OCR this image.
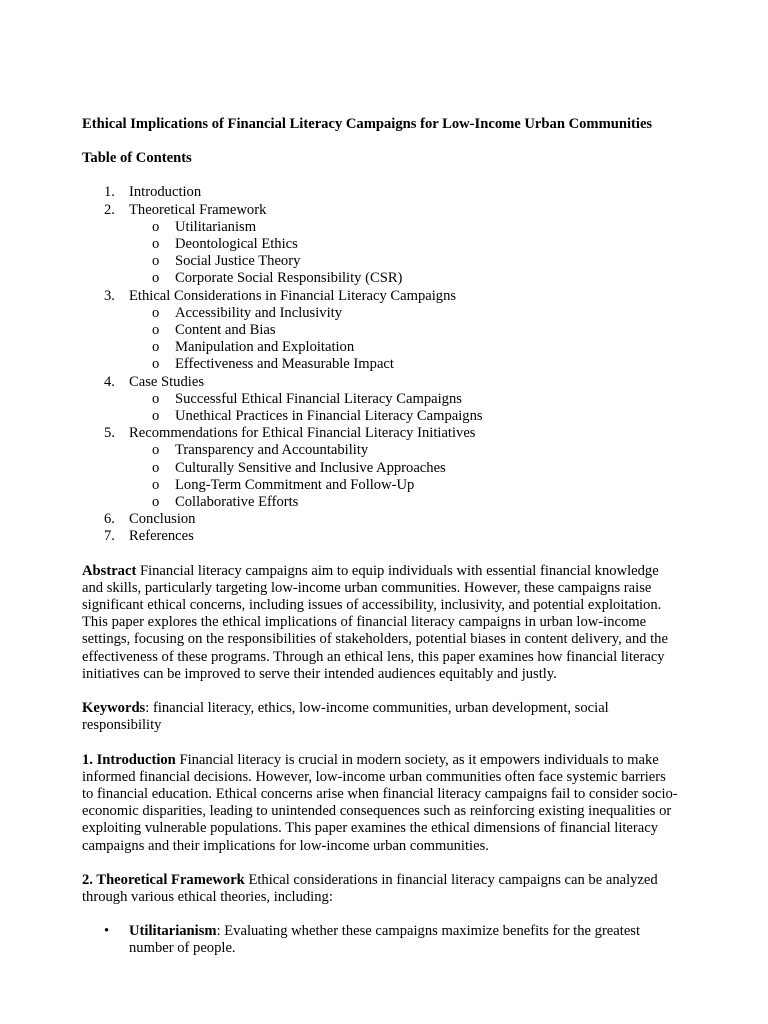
Ethical Implications of Financial Literacy Campaigns for Low-Income Urban Communities

Table of Contents

1. Introduction
2. Theoretical Framework
o Utilitarianism
o Deontological Ethics
o Social Justice Theory
o Corporate Social Responsibility (CSR)
3. Ethical Considerations in Financial Literacy Campaigns
o Accessibility and Inclusivity
o Content and Bias
o Manipulation and Exploitation
o Effectiveness and Measurable Impact
4. Case Studies
o Successful Ethical Financial Literacy Campaigns
o Unethical Practices in Financial Literacy Campaigns
5. Recommendations for Ethical Financial Literacy Initiatives
o Transparency and Accountability
o Culturally Sensitive and Inclusive Approaches
o Long-Term Commitment and Follow-Up
o Collaborative Efforts
6. Conclusion
7. References

Abstract Financial literacy campaigns aim to equip individuals with essential financial knowledge and skills, particularly targeting low-income urban communities. However, these campaigns raise significant ethical concerns, including issues of accessibility, inclusivity, and potential exploitation. This paper explores the ethical implications of financial literacy campaigns in urban low-income settings, focusing on the responsibilities of stakeholders, potential biases in content delivery, and the effectiveness of these programs. Through an ethical lens, this paper examines how financial literacy initiatives can be improved to serve their intended audiences equitably and justly.

Keywords: financial literacy, ethics, low-income communities, urban development, social responsibility

1. Introduction Financial literacy is crucial in modern society, as it empowers individuals to make informed financial decisions. However, low-income urban communities often face systemic barriers to financial education. Ethical concerns arise when financial literacy campaigns fail to consider socio-economic disparities, leading to unintended consequences such as reinforcing existing inequalities or exploiting vulnerable populations. This paper examines the ethical dimensions of financial literacy campaigns and their implications for low-income urban communities.

2. Theoretical Framework Ethical considerations in financial literacy campaigns can be analyzed through various ethical theories, including:

• Utilitarianism: Evaluating whether these campaigns maximize benefits for the greatest number of people.
